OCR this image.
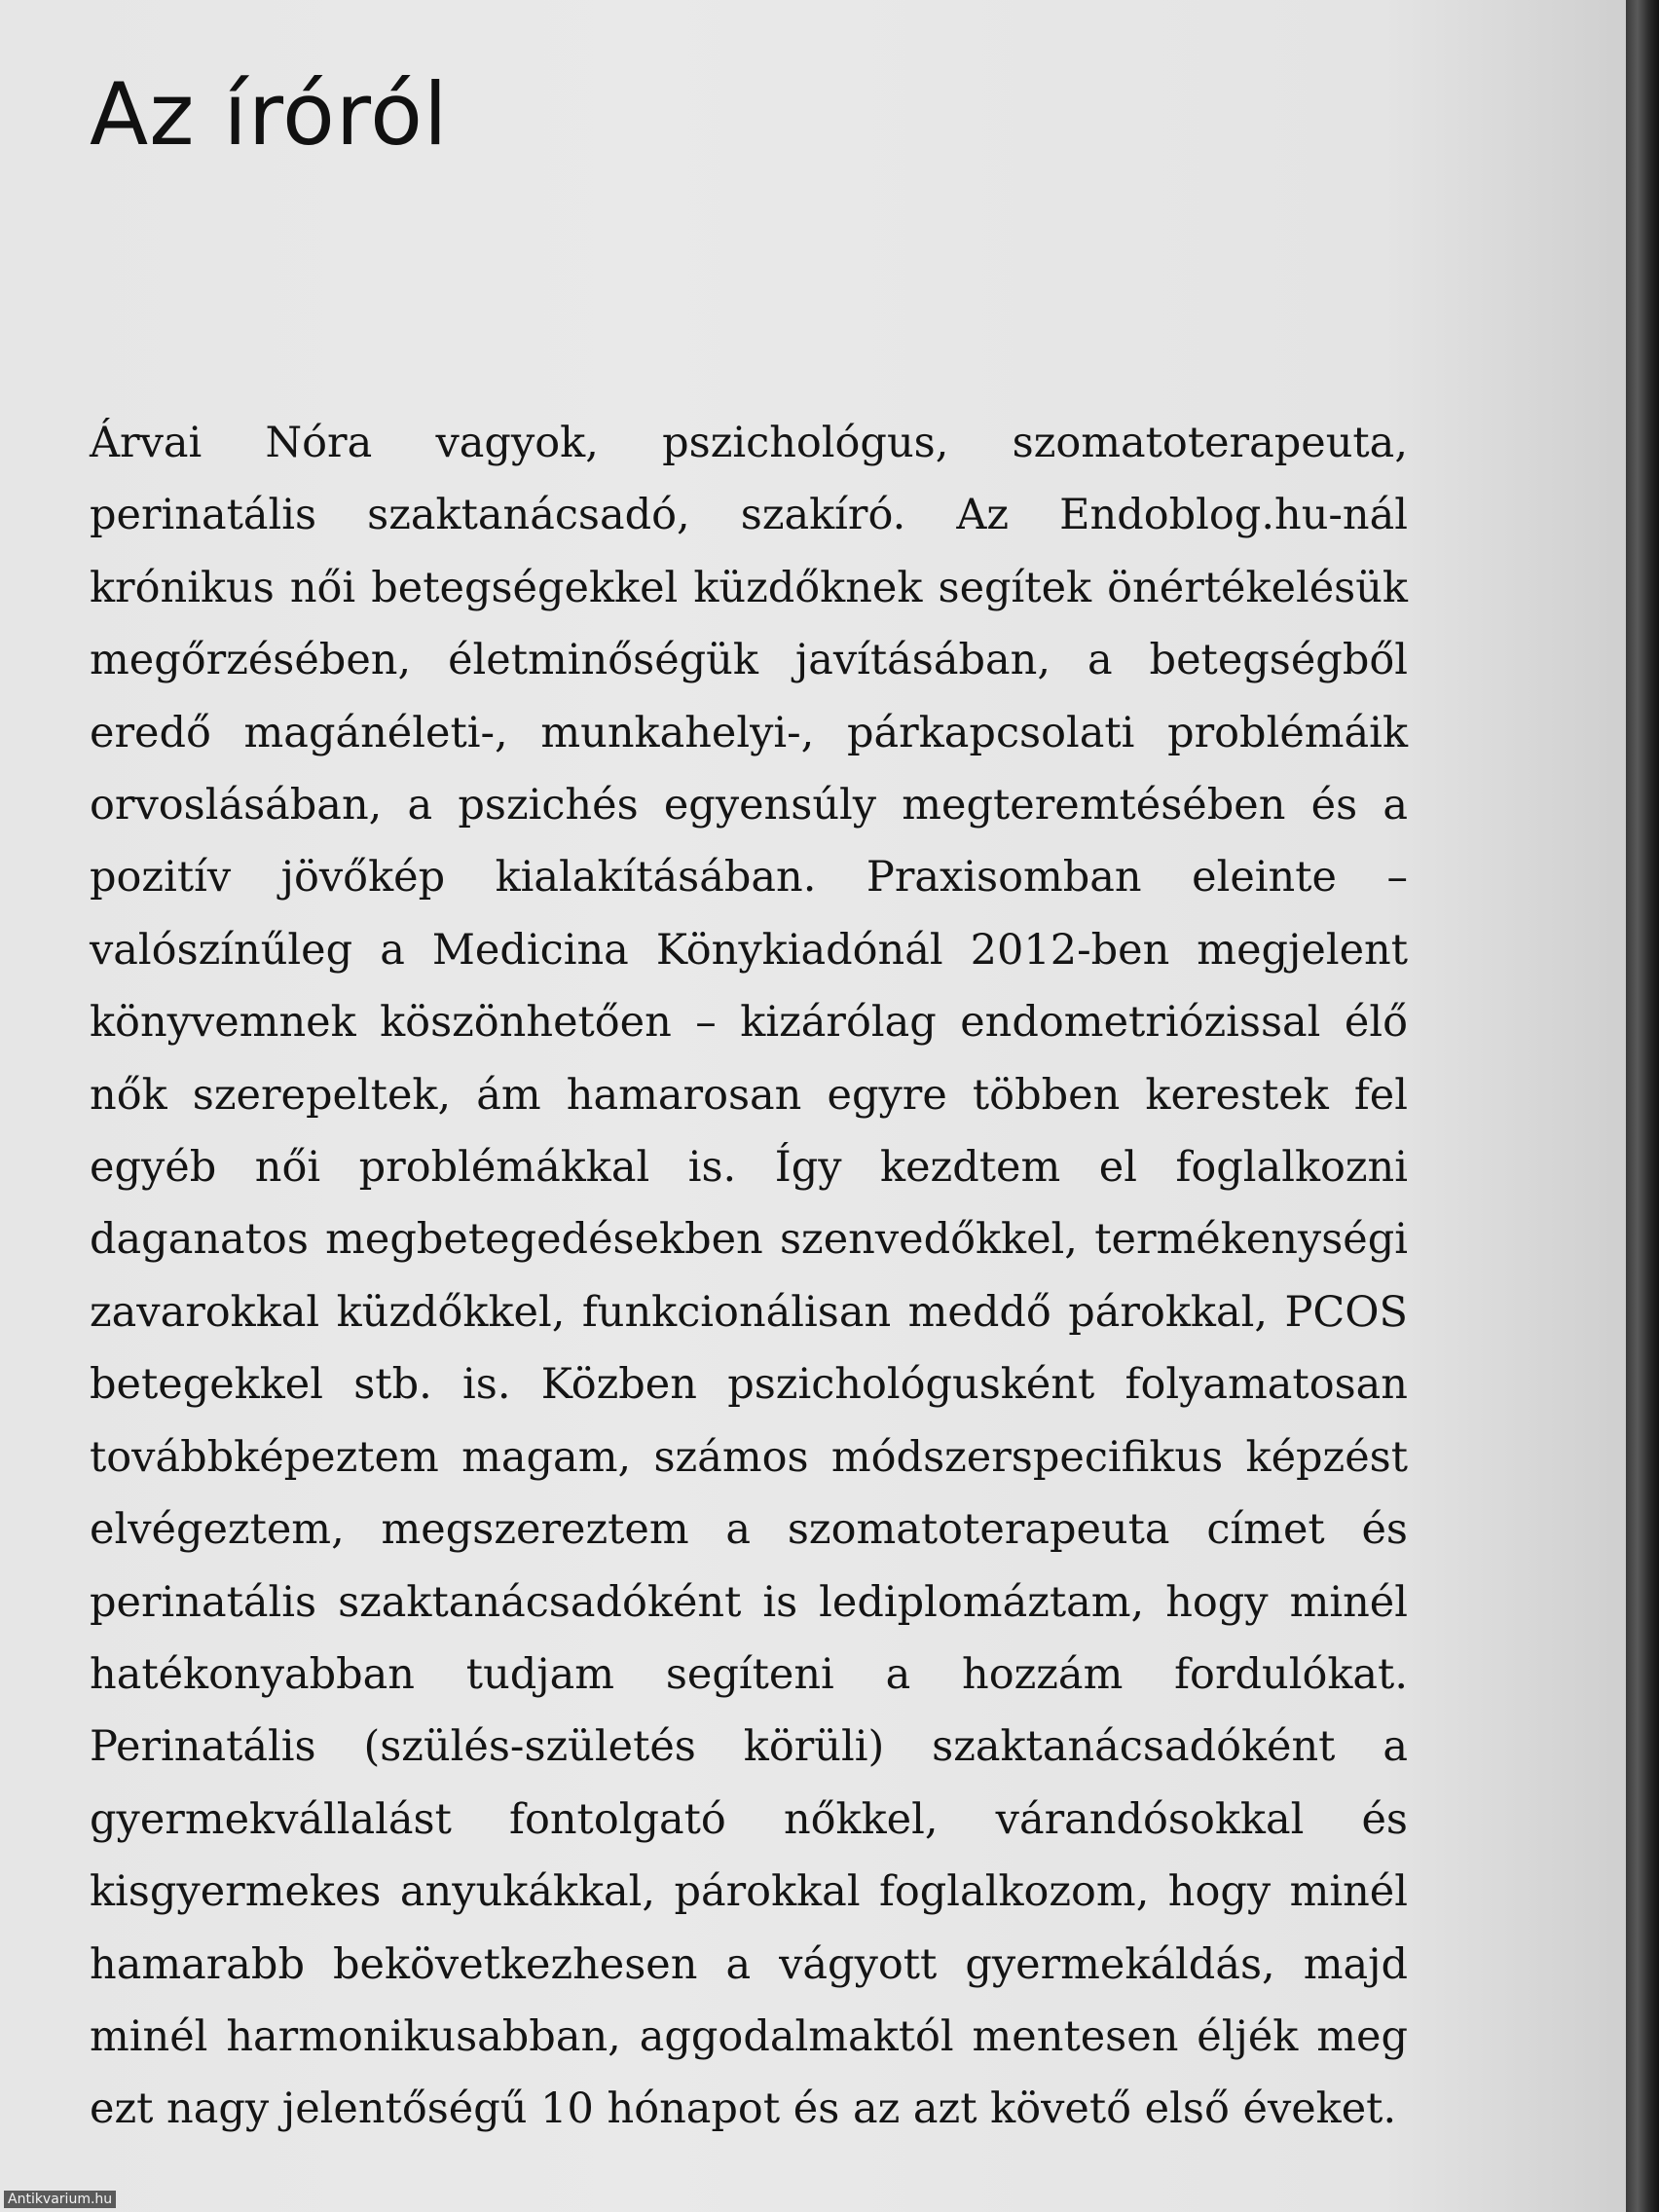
Az íróról

Árvai Nóra vagyok, pszichológus, szomatoterapeuta, perinatális szaktanácsadó, szakíró. Az Endoblog.hu-nál krónikus női betegségekkel küzdőknek segítek önértékelésük megőrzésében, életminőségük javításában, a betegségből eredő magánéleti-, munkahelyi-, párkapcsolati problémáik orvoslásában, a pszichés egyensúly megteremtésében és a pozitív jövőkép kialakításában. Praxisomban eleinte – valószínűleg a Medicina Könykiadónál 2012-ben megjelent könyvemnek köszönhetően – kizárólag endometriózissal élő nők szerepeltek, ám hamarosan egyre többen kerestek fel egyéb női problémákkal is. Így kezdtem el foglalkozni daganatos megbetegedésekben szenvedőkkel, termékenységi zavarokkal küzdőkkel, funkcionálisan meddő párokkal, PCOS betegekkel stb. is. Közben pszichológusként folyamatosan továbbképeztem magam, számos módszerspecifikus képzést elvégeztem, megszereztem a szomatoterapeuta címet és perinatális szaktanácsadóként is lediplomáztam, hogy minél hatékonyabban tudjam segíteni a hozzám fordulókat. Perinatális (szülés-születés körüli) szaktanácsadóként a gyermekvállalást fontolgató nőkkel, várandósokkal és kisgyermekes anyukákkal, párokkal foglalkozom, hogy minél hamarabb bekövetkezhesen a vágyott gyermekáldás, majd minél harmonikusabban, aggodalmaktól mentesen éljék meg ezt nagy jelentőségű 10 hónapot és az azt követő első éveket.

Antikvarium.hu
